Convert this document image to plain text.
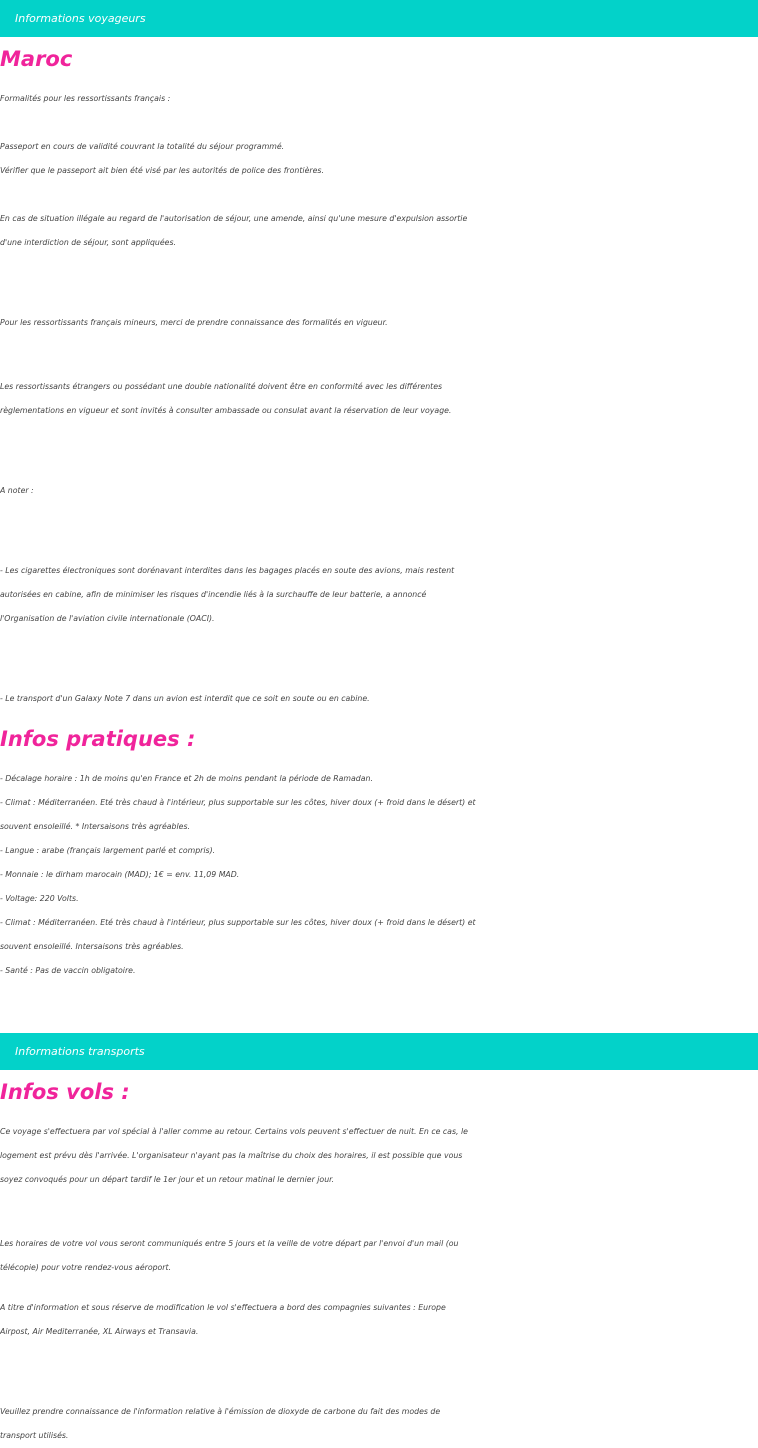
Informations voyageurs
Maroc
Formalités pour les ressortissants français :
Passeport en cours de validité couvrant la totalité du séjour programmé.
Vérifier que le passeport ait bien été visé par les autorités de police des frontières.
En cas de situation illégale au regard de l'autorisation de séjour, une amende, ainsi qu'une mesure d'expulsion assortie
d'une interdiction de séjour, sont appliquées.
Pour les ressortissants français mineurs, merci de prendre connaissance des formalités en vigueur.
Les ressortissants étrangers ou possédant une double nationalité doivent être en conformité avec les différentes
règlementations en vigueur et sont invités à consulter ambassade ou consulat avant la réservation de leur voyage.
A noter :
- Les cigarettes électroniques sont dorénavant interdites dans les bagages placés en soute des avions, mais restent
autorisées en cabine, afin de minimiser les risques d'incendie liés à la surchauffe de leur batterie, a annoncé
l'Organisation de l'aviation civile internationale (OACI).
- Le transport d'un Galaxy Note 7 dans un avion est interdit que ce soit en soute ou en cabine.
Infos pratiques :
- Décalage horaire : 1h de moins qu'en France et 2h de moins pendant la période de Ramadan.
- Climat : Méditerranéen. Eté très chaud à l'intérieur, plus supportable sur les côtes, hiver doux (+ froid dans le désert) et
souvent ensoleillé. * Intersaisons très agréables.
- Langue : arabe (français largement parlé et compris).
- Monnaie : le dirham marocain (MAD); 1€ = env. 11,09 MAD.
- Voltage: 220 Volts.
- Climat : Méditerranéen. Eté très chaud à l'intérieur, plus supportable sur les côtes, hiver doux (+ froid dans le désert) et
souvent ensoleillé. Intersaisons très agréables.
- Santé : Pas de vaccin obligatoire.
Informations transports
Infos vols :
Ce voyage s'effectuera par vol spécial à l'aller comme au retour. Certains vols peuvent s'effectuer de nuit. En ce cas, le
logement est prévu dès l'arrivée. L'organisateur n'ayant pas la maîtrise du choix des horaires, il est possible que vous
soyez convoqués pour un départ tardif le 1er jour et un retour matinal le dernier jour.
Les horaires de votre vol vous seront communiqués entre 5 jours et la veille de votre départ par l'envoi d'un mail (ou
télécopie) pour votre rendez-vous aéroport.
A titre d'information et sous réserve de modification le vol s'effectuera a bord des compagnies suivantes : Europe
Airpost, Air Mediterranée, XL Airways et Transavia.
Veuillez prendre connaissance de l'information relative à l'émission de dioxyde de carbone du fait des modes de
transport utilisés.
